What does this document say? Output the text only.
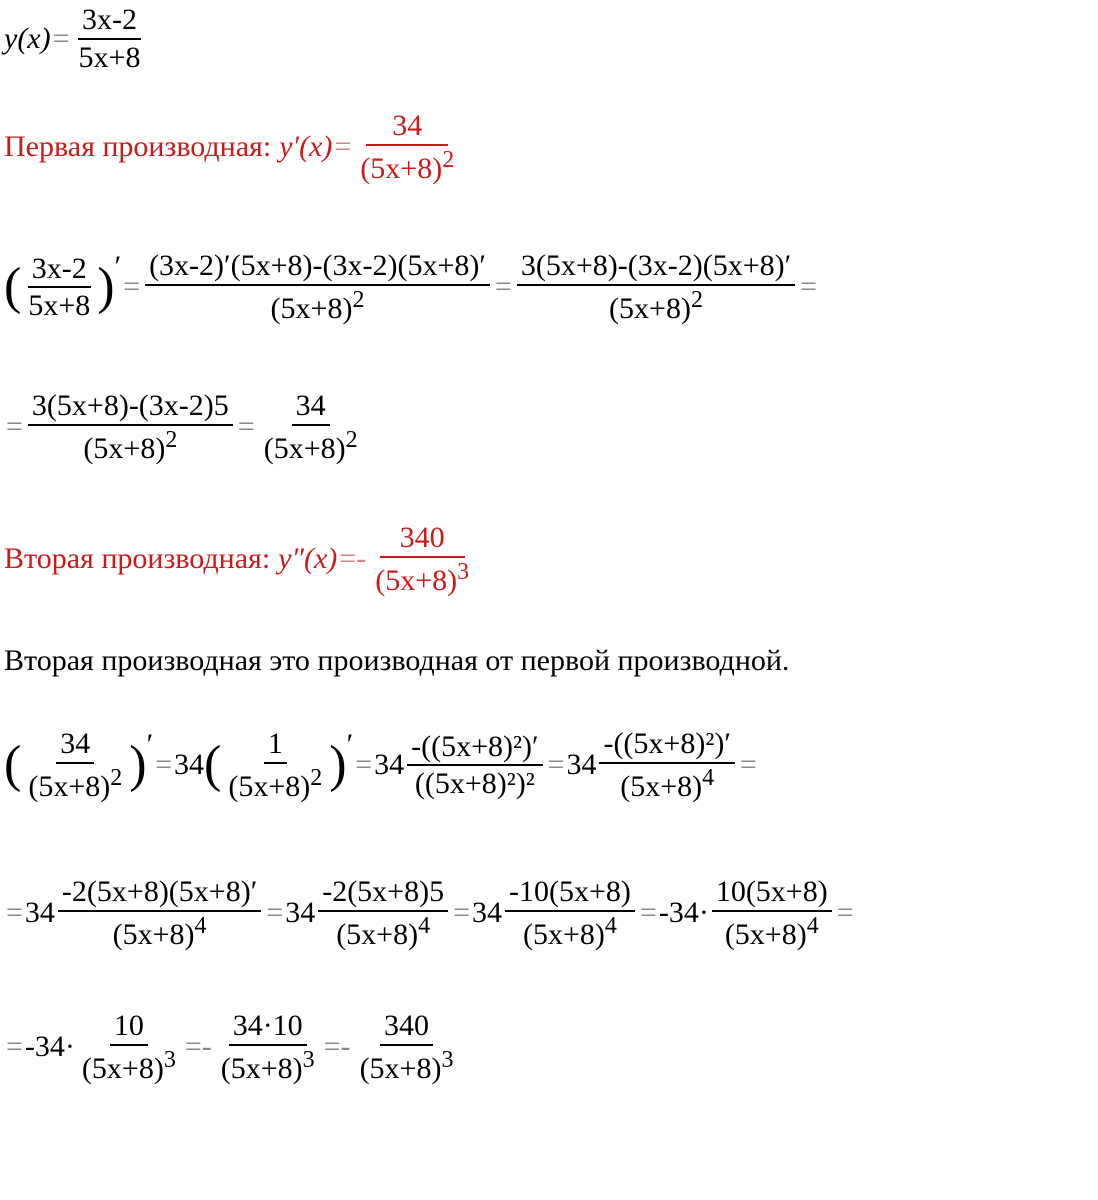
$y(x) = \frac{3x-2}{5x+8}$
Первая производная: $y'(x) = \frac{34}{(5x+8)^2}$
( $\frac{3x-2}{5x+8}$ ) ′
= $\frac{(3x-2)'(5x+8)-(3x-2)(5x+8)'}{(5x+8)^2} = \frac{3(5x+8)-(3x-2)(5x+8)'}{(5x+8)^2}$ =
= $\frac{3(5x+8)-(3x-2)5}{(5x+8)^2} = \frac{34}{(5x+8)^2}$
Вторая производная: $y''(x) =- \frac{340}{(5x+8)^3}$
Вторая производная это производная от первой производной.
( $\frac{34}{(5x+8)^2}$ ) ′
= 34 ( $\frac{1}{(5x+8)^2}$ ) ′
= $34 \frac{\text{-((5x+8)²)′}}{\text{((5x+8)²)²}} = 34 \frac{\text{-((5x+8)²)′}}{(5x+8)^4}$ =
= $34 \frac{-2(5x+8)(5x+8)'}{(5x+8)^4} = 34 \frac{-2(5x+8)5}{(5x+8)^4} = 34 \frac{-10(5x+8)}{(5x+8)^4} = -34\cdot \frac{10(5x+8)}{(5x+8)^4}$ =
= $-34\cdot \frac{10}{(5x+8)^3} =- \frac{34\cdot 10}{(5x+8)^3} =- \frac{340}{(5x+8)^3}$
